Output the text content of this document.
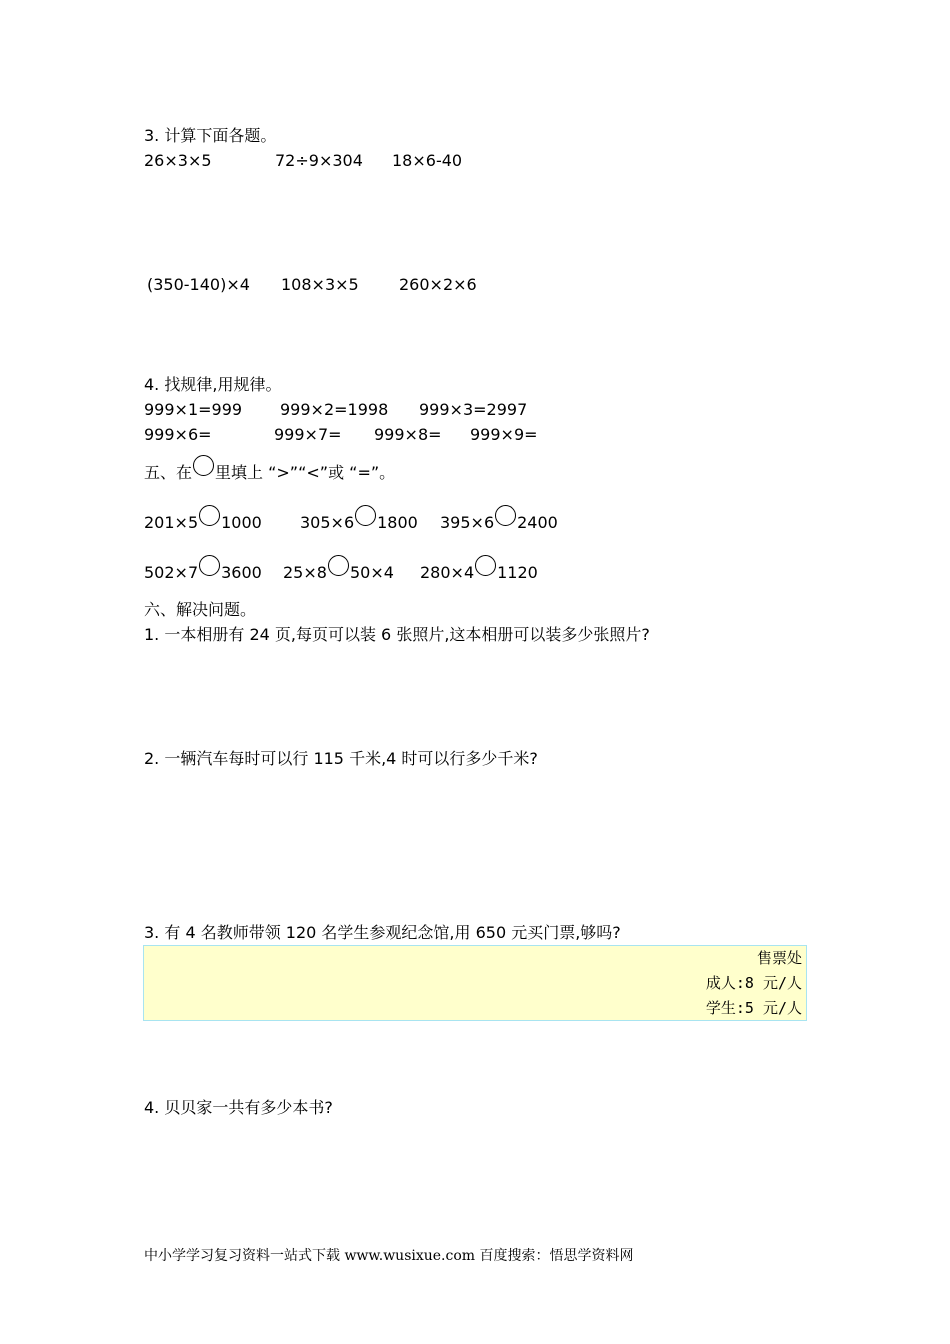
3. 计算下面各题。
26×3×5	72÷9×304 18×6-40
(350-140)×4 108×3×5	260×2×6
4. 找规律,用规律。
999×1=999 999×2=1998 999×3=2997
999×6=	999×7= 999×8= 999×9=
五、在 里填上 “>”“<”或 “=”。
201×5 1000 305×6 1800 395×6 2400
502×7 3600 25×8 50×4 280×4 1120
六、解决问题。
1. 一本相册有 24 页,每页可以装 6 张照片,这本相册可以装多少张照片?
2. 一辆汽车每时可以行 115 千米,4 时可以行多少千米?
3. 有 4 名教师带领 120 名学生参观纪念馆,用 650 元买门票,够吗?
售票处
成人:8 元/人
学生:5 元/人
4. 贝贝家一共有多少本书?
中小学学习复习资料一站式下载 www.wusixue.com 百度搜索：悟思学资料网
